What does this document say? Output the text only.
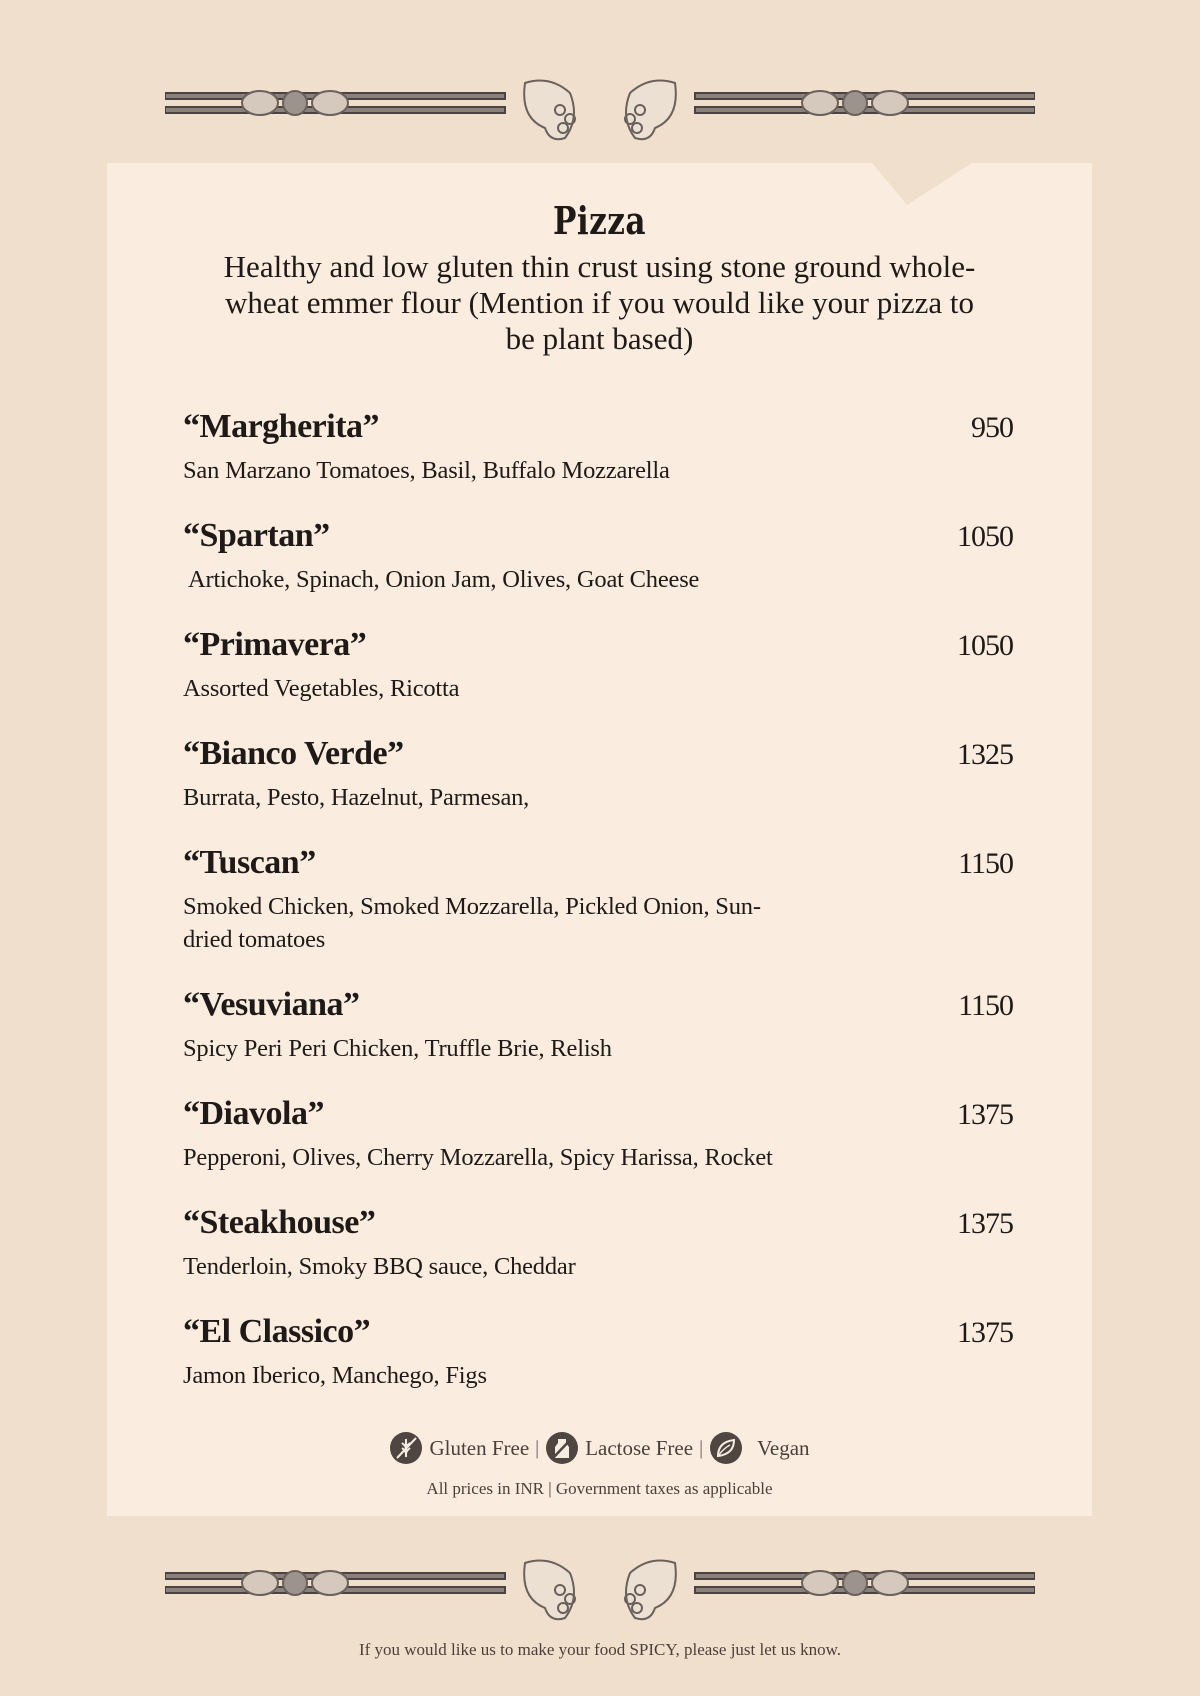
Pizza
Healthy and low gluten thin crust using stone ground whole-wheat emmer flour (Mention if you would like your pizza to be plant based)
“Margherita”	950
San Marzano Tomatoes, Basil, Buffalo Mozzarella
“Spartan”	1050
Artichoke, Spinach, Onion Jam, Olives, Goat Cheese
“Primavera”	1050
Assorted Vegetables, Ricotta
“Bianco Verde”	1325
Burrata, Pesto, Hazelnut, Parmesan,
“Tuscan”	1150
Smoked Chicken, Smoked Mozzarella, Pickled Onion, Sun-dried tomatoes
“Vesuviana”	1150
Spicy Peri Peri Chicken, Truffle Brie, Relish
“Diavola”	1375
Pepperoni, Olives, Cherry Mozzarella, Spicy Harissa, Rocket
“Steakhouse”	1375
Tenderloin, Smoky BBQ sauce, Cheddar
“El Classico”	1375
Jamon Iberico, Manchego, Figs
Gluten Free | Lactose Free |	Vegan
All prices in INR | Government taxes as applicable
If you would like us to make your food SPICY, please just let us know.
